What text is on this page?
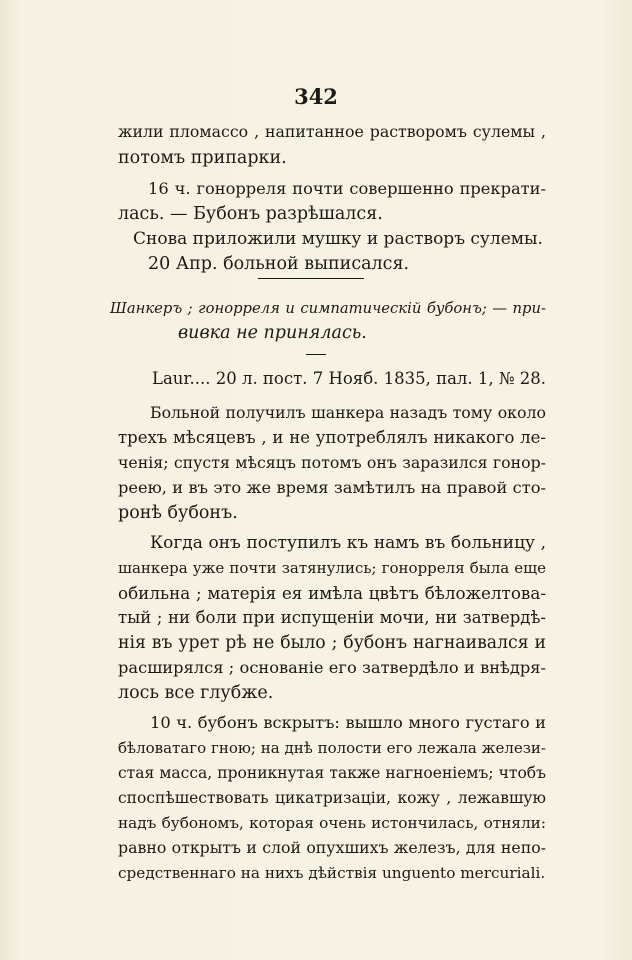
342
жили пломассо , напитанное растворомъ сулемы ,
потомъ припарки.
16 ч. гонорреля почти совершенно прекрати-
лась. — Бубонъ разрѣшался.
Снова приложили мушку и растворъ сулемы.
20 Апр. больной выписался.
Шанкеръ ; гонорреля и симпатическій бубонъ; — при-
вивка не принялась.
Laur.... 20 л. пост. 7 Нояб. 1835, пал. 1, № 28.
Больной получилъ шанкера назадъ тому около
трехъ мѣсяцевъ , и не употреблялъ никакого ле-
ченія; спустя мѣсяцъ потомъ онъ заразился гонор-
реею, и въ это же время замѣтилъ на правой сто-
ронѣ бубонъ.
Когда онъ поступилъ къ намъ въ больницу ,
шанкера уже почти затянулись; гонорреля была еще
обильна ; матерія ея имѣла цвѣтъ бѣложелтова-
тый ; ни боли при испущеніи мочи, ни затвердѣ-
нія въ урет рѣ не было ; бубонъ нагнаивался и
расширялся ; основаніе его затвердѣло и внѣдря-
лось все глубже.
10 ч. бубонъ вскрытъ: вышло много густаго и
бѣловатаго гною; на днѣ полости его лежала желези-
стая масса, проникнутая также нагноеніемъ; чтобъ
споспѣшествовать цикатризаціи, кожу , лежавшую
надъ бубономъ, которая очень истончилась, отняли:
равно открытъ и слой опухшихъ железъ, для непо-
средственнаго на нихъ дѣйствія unguento mercuriali.
